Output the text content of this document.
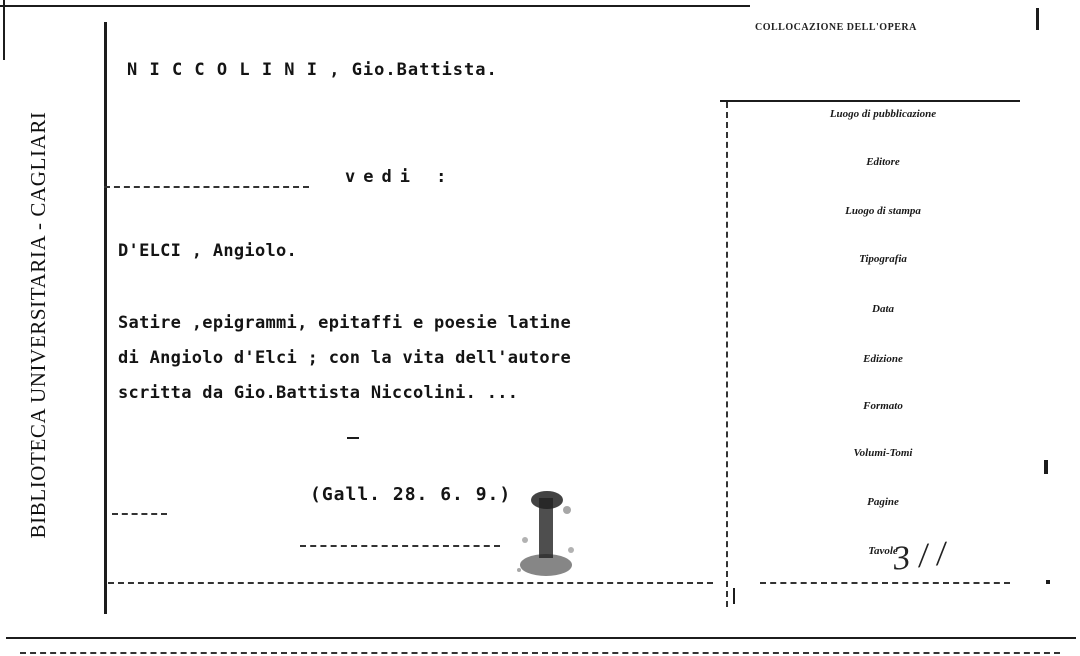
BIBLIOTECA UNIVERSITARIA - CAGLIARI
COLLOCAZIONE DELL'OPERA
N I C C O L I N I , Gio.Battista.
vedi :
D'ELCI , Angiolo.
Satire ,epigrammi, epitaffi e poesie latine
di Angiolo d'Elci ; con la vita dell'autore
scritta da Gio.Battista Niccolini. ...
(Gall. 28. 6. 9.)
Luogo di pubblicazione
Editore
Luogo di stampa
Tipografia
Data
Edizione
Formato
Volumi-Tomi
Pagine
Tavole
3 / /
